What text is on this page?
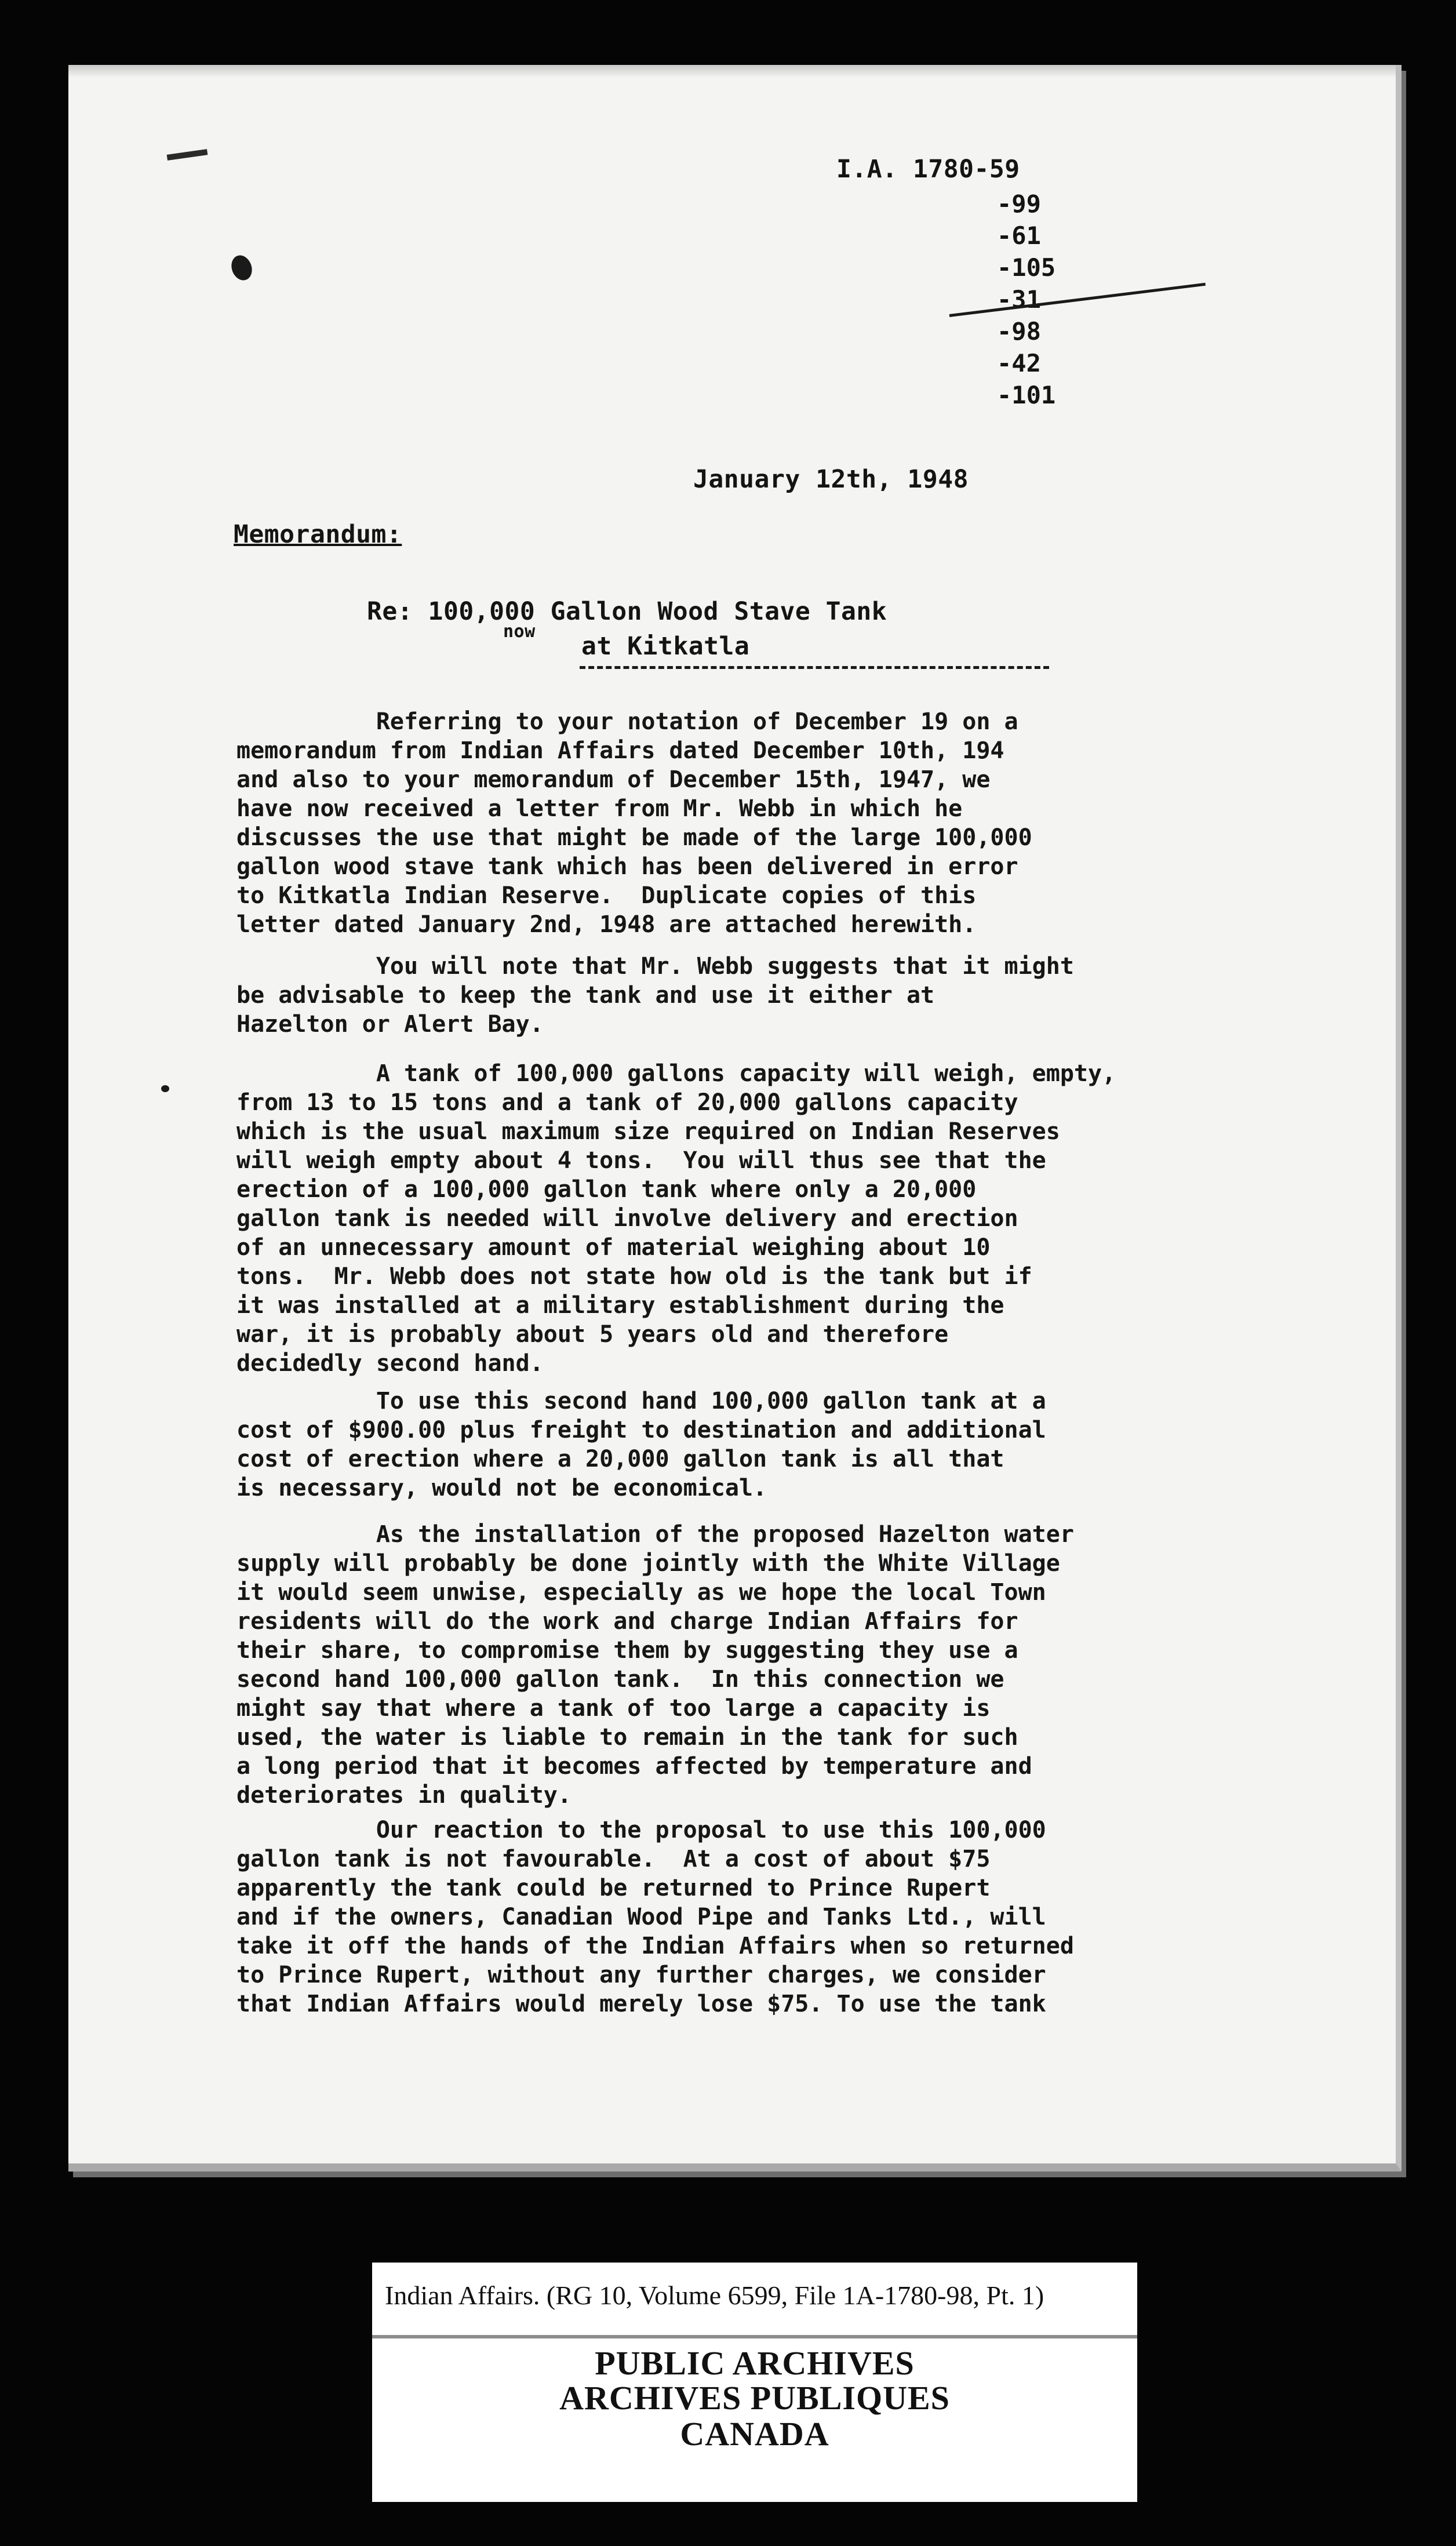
I.A. 1780-59
-99
-61
-105
-31
-98
-42
-101
January 12th, 1948
Memorandum:
Re: 100,000 Gallon Wood Stave Tank
now
at Kitkatla

Referring to your notation of December 19 on a
memorandum from Indian Affairs dated December 10th, 194
and also to your memorandum of December 15th, 1947, we
have now received a letter from Mr. Webb in which he
discusses the use that might be made of the large 100,000
gallon wood stave tank which has been delivered in error
to Kitkatla Indian Reserve.  Duplicate copies of this
letter dated January 2nd, 1948 are attached herewith.

You will note that Mr. Webb suggests that it might
be advisable to keep the tank and use it either at
Hazelton or Alert Bay.

A tank of 100,000 gallons capacity will weigh, empty,
from 13 to 15 tons and a tank of 20,000 gallons capacity
which is the usual maximum size required on Indian Reserves
will weigh empty about 4 tons.  You will thus see that the
erection of a 100,000 gallon tank where only a 20,000
gallon tank is needed will involve delivery and erection
of an unnecessary amount of material weighing about 10
tons.  Mr. Webb does not state how old is the tank but if
it was installed at a military establishment during the
war, it is probably about 5 years old and therefore
decidedly second hand.

To use this second hand 100,000 gallon tank at a
cost of $900.00 plus freight to destination and additional
cost of erection where a 20,000 gallon tank is all that
is necessary, would not be economical.

As the installation of the proposed Hazelton water
supply will probably be done jointly with the White Village
it would seem unwise, especially as we hope the local Town
residents will do the work and charge Indian Affairs for
their share, to compromise them by suggesting they use a
second hand 100,000 gallon tank.  In this connection we
might say that where a tank of too large a capacity is
used, the water is liable to remain in the tank for such
a long period that it becomes affected by temperature and
deteriorates in quality.

Our reaction to the proposal to use this 100,000
gallon tank is not favourable.  At a cost of about $75
apparently the tank could be returned to Prince Rupert
and if the owners, Canadian Wood Pipe and Tanks Ltd., will
take it off the hands of the Indian Affairs when so returned
to Prince Rupert, without any further charges, we consider
that Indian Affairs would merely lose $75. To use the tank

Indian Affairs. (RG 10, Volume 6599, File 1A-1780-98, Pt. 1)
PUBLIC ARCHIVES
ARCHIVES PUBLIQUES
CANADA
